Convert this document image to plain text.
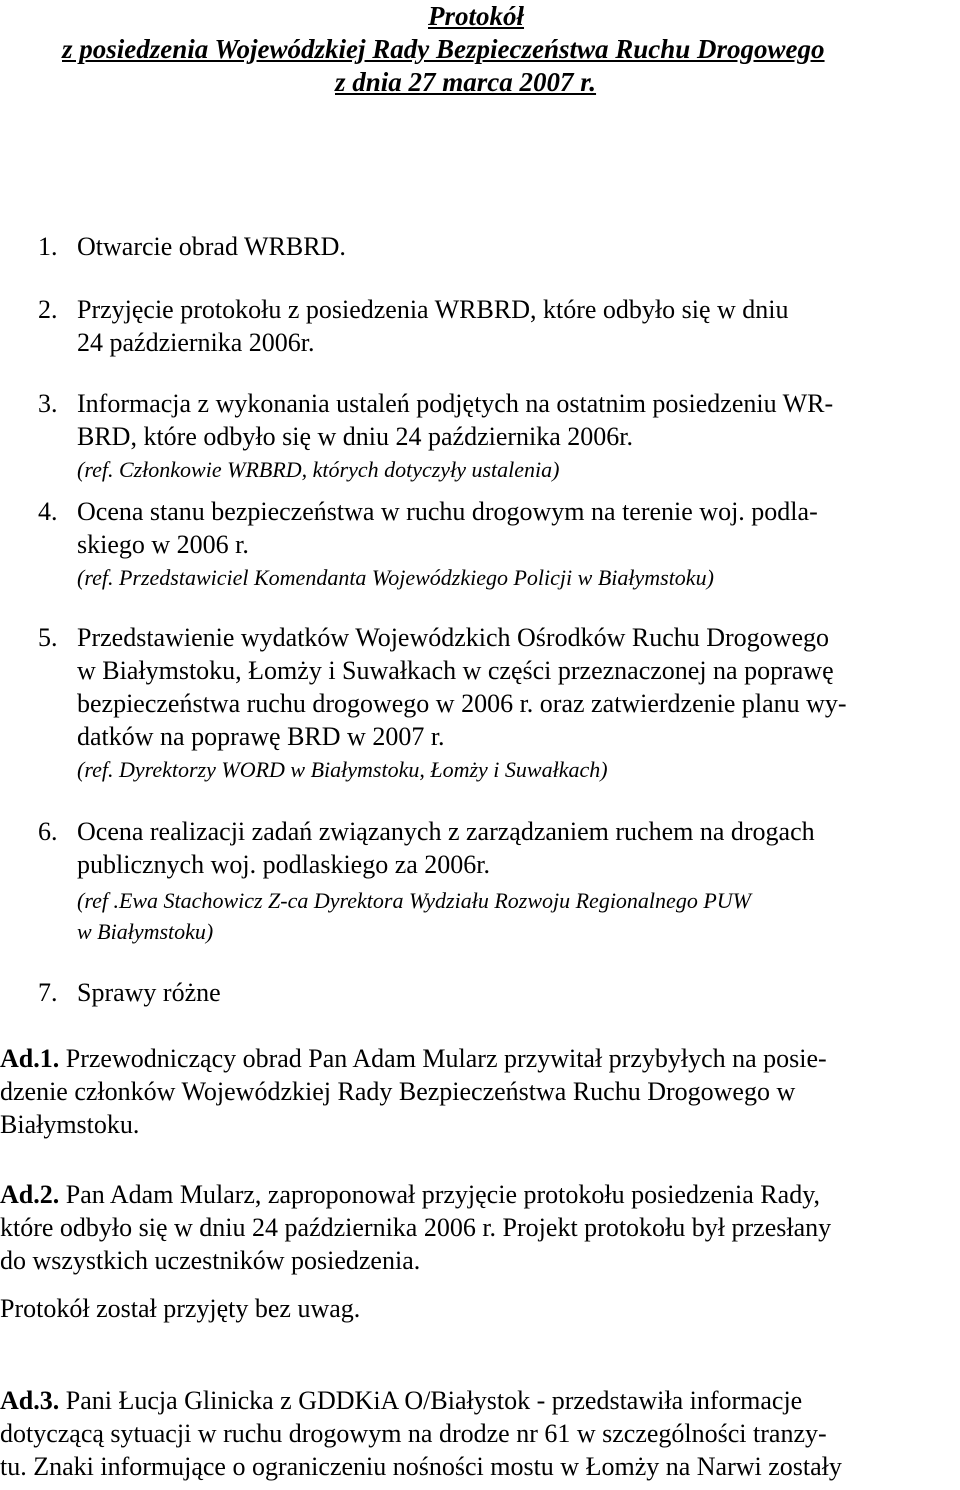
Protokół
z posiedzenia Wojewódzkiej Rady Bezpieczeństwa Ruchu Drogowego
z dnia 27 marca 2007 r.
1. Otwarcie obrad WRBRD.
2. Przyjęcie protokołu z posiedzenia WRBRD, które odbyło się w dniu
24 października 2006r.
3. Informacja z wykonania ustaleń podjętych na ostatnim posiedzeniu WR-
BRD, które odbyło się w dniu 24 października 2006r.
(ref. Członkowie WRBRD, których dotyczyły ustalenia)
4. Ocena stanu bezpieczeństwa w ruchu drogowym na terenie woj. podla-
skiego w 2006 r.
(ref. Przedstawiciel Komendanta Wojewódzkiego Policji w Białymstoku)
5. Przedstawienie wydatków Wojewódzkich Ośrodków Ruchu Drogowego
w Białymstoku, Łomży i Suwałkach w części przeznaczonej na poprawę
bezpieczeństwa ruchu drogowego w 2006 r. oraz zatwierdzenie planu wy-
datków na poprawę BRD w 2007 r.
(ref. Dyrektorzy WORD w Białymstoku, Łomży i Suwałkach)
6. Ocena realizacji zadań związanych z zarządzaniem ruchem na drogach
publicznych woj. podlaskiego za 2006r.
(ref .Ewa Stachowicz Z-ca Dyrektora Wydziału Rozwoju Regionalnego PUW
w Białymstoku)
7. Sprawy różne
Ad.1. Przewodniczący obrad Pan Adam Mularz przywitał przybyłych na posie-
dzenie członków Wojewódzkiej Rady Bezpieczeństwa Ruchu Drogowego w
Białymstoku.
Ad.2. Pan Adam Mularz, zaproponował przyjęcie protokołu posiedzenia Rady,
które odbyło się w dniu 24 października 2006 r. Projekt protokołu był przesłany
do wszystkich uczestników posiedzenia.
Protokół został przyjęty bez uwag.
Ad.3. Pani Łucja Glinicka z GDDKiA O/Białystok - przedstawiła informacje
dotyczącą sytuacji w ruchu drogowym na drodze nr 61 w szczególności tranzy-
tu. Znaki informujące o ograniczeniu nośności mostu w Łomży na Narwi zostały
